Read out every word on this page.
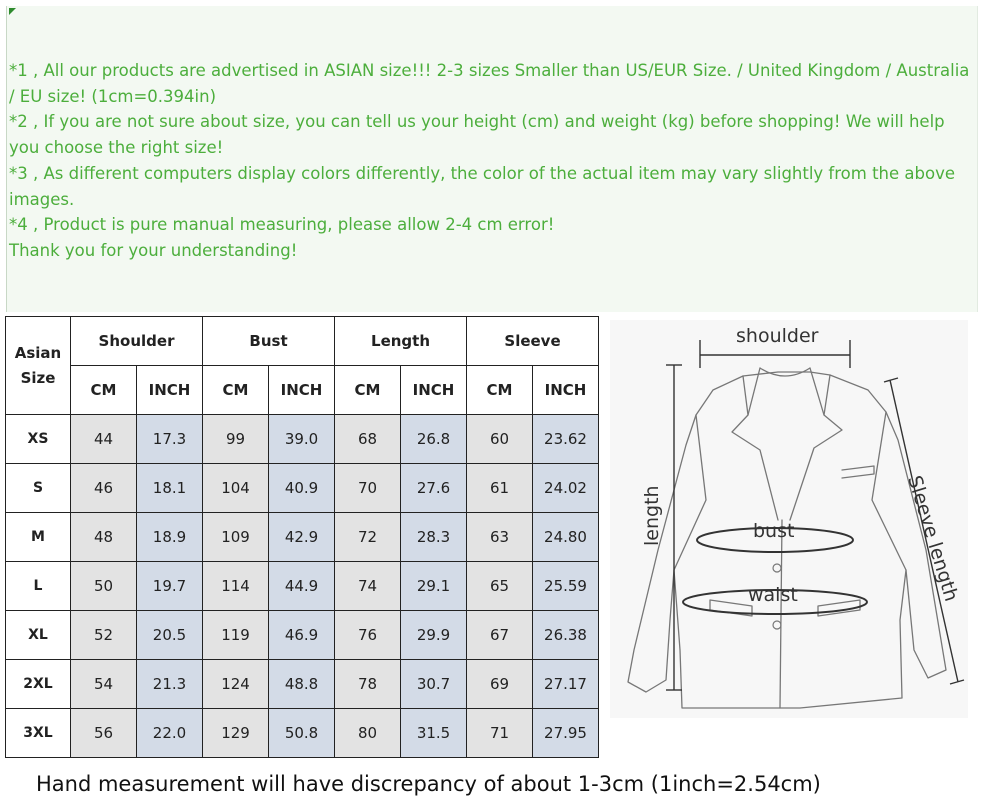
*1 , All our products are advertised in ASIAN size!!! 2-3 sizes Smaller than US/EUR Size. / United Kingdom / Australia / EU size! (1cm=0.394in)

*2 , If you are not sure about size, you can tell us your height (cm) and weight (kg) before shopping! We will help you choose the right size!

*3 , As different computers display colors differently, the color of the actual item may vary slightly from the above images.

*4 , Product is pure manual measuring, please allow 2-4 cm error!

Thank you for your understanding!

Asian
Size	Shoulder		Bust		Length		Sleeve	
	CM	INCH	CM	INCH	CM	INCH	CM	INCH
XS	44	17.3	99	39.0	68	26.8	60	23.62
S	46	18.1	104	40.9	70	27.6	61	24.02
M	48	18.9	109	42.9	72	28.3	63	24.80
L	50	19.7	114	44.9	74	29.1	65	25.59
XL	52	20.5	119	46.9	76	29.9	67	26.38
2XL	54	21.3	124	48.8	78	30.7	69	27.17
3XL	56	22.0	129	50.8	80	31.5	71	27.95
shoulder
length	bust
waist	Sleeve length
Hand measurement will have discrepancy of about 1-3cm (1inch=2.54cm)
